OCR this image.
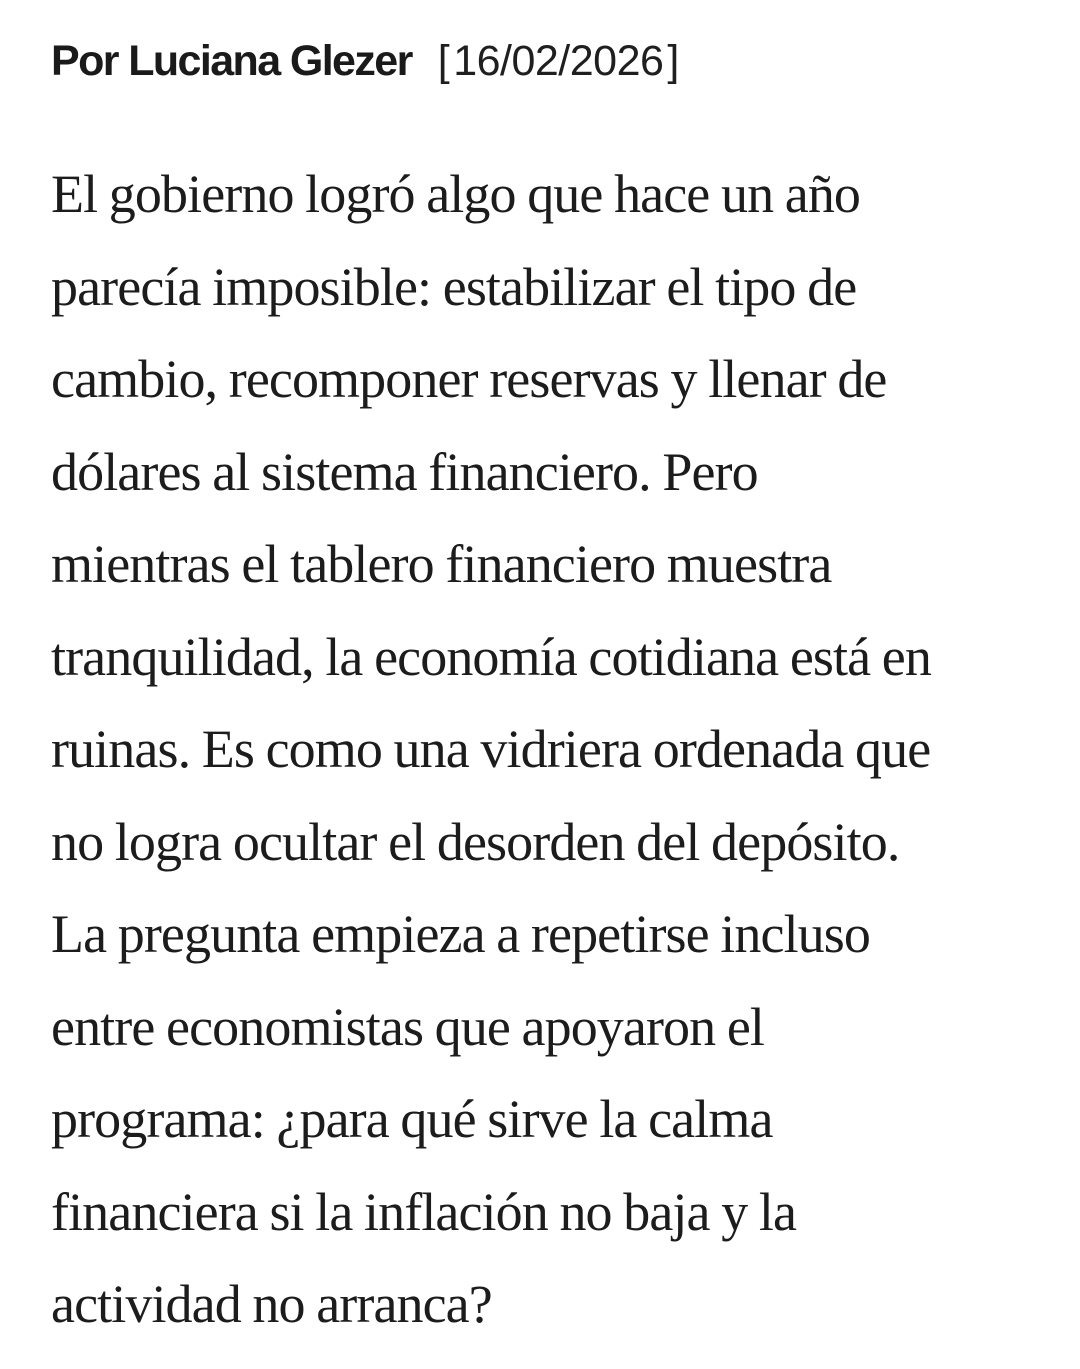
Por Luciana Glezer [16/02/2026]
El gobierno logró algo que hace un año
parecía imposible: estabilizar el tipo de
cambio, recomponer reservas y llenar de
dólares al sistema financiero. Pero
mientras el tablero financiero muestra
tranquilidad, la economía cotidiana está en
ruinas. Es como una vidriera ordenada que
no logra ocultar el desorden del depósito.
La pregunta empieza a repetirse incluso
entre economistas que apoyaron el
programa: ¿para qué sirve la calma
financiera si la inflación no baja y la
actividad no arranca?
